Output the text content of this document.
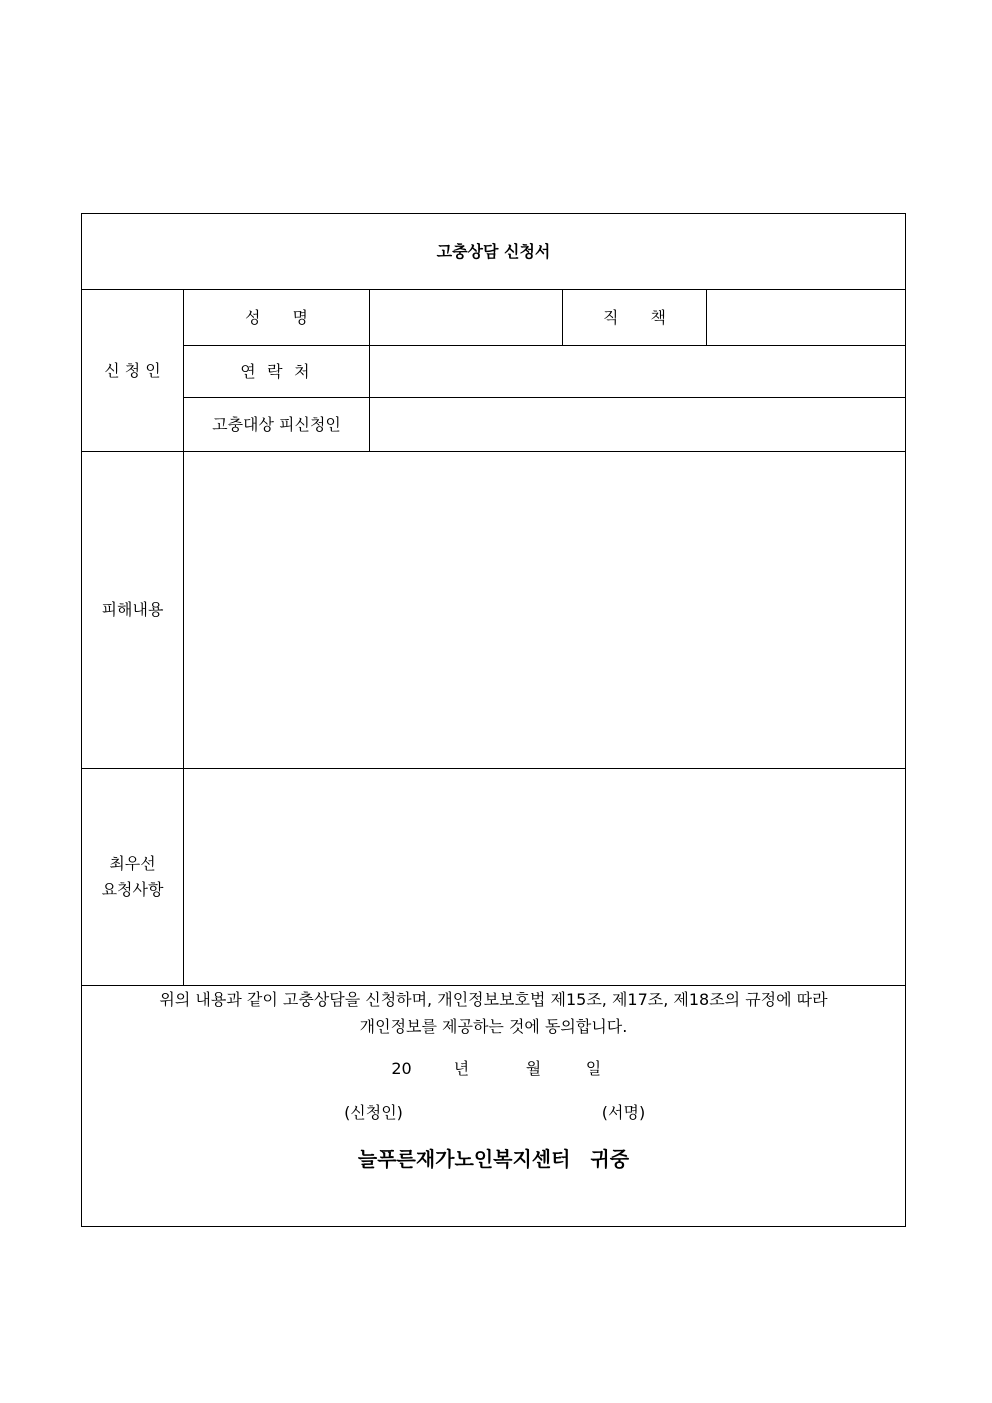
고충상담 신청서				
신 청 인	성　　명		직　　책	
	연 락 처			
	고충대상 피신청인			
피해내용				

최우선
요청사항				

위의 내용과 같이 고충상담을 신청하며, 개인정보보호법 제15조, 제17조, 제18조의 규정에 따라
개인정보를 제공하는 것에 동의합니다.
20 년 월 일
(신청인) (서명)
늘푸른재가노인복지센터　귀중				
